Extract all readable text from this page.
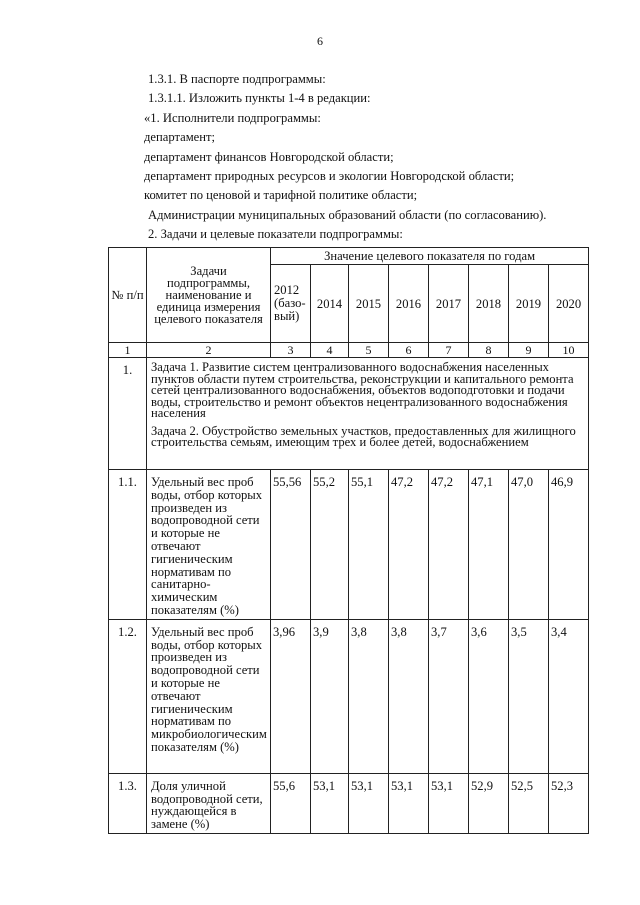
6
1.3.1. В паспорте подпрограммы:
1.3.1.1. Изложить пункты 1-4 в редакции:
«1. Исполнители подпрограммы:
департамент;
департамент финансов Новгородской области;
департамент природных ресурсов и экологии Новгородской области;
комитет по ценовой и тарифной политике области;
Администрации муниципальных образований области (по согласованию).
2. Задачи и целевые показатели подпрограммы:
№ п/п	Задачи подпрограммы, наименование и единица измерения целевого показателя	Значение целевого показателя по годам							
		2012 (базо-вый)	2014	2015	2016	2017	2018	2019	2020
1	2	3	4	5	6	7	8	9	10
1.	Задача 1. Развитие систем централизованного водоснабжения населенных пунктов области путем строительства, реконструкции и капитального ремонта сетей централизованного водоснабжения, объектов водоподготовки и подачи воды, строительство и ремонт объектов нецентрализованного водоснабжения населения

Задача 2. Обустройство земельных участков, предоставленных для жилищного строительства семьям, имеющим трех и более детей, водоснабжением								

1.1.	Удельный вес проб воды, отбор которых произведен из водопроводной сети и которые не отвечают гигиеническим нормативам по санитарно-химическим показателям (%)	55,56	55,2	55,1	47,2	47,2	47,1	47,0	46,9
1.2.	Удельный вес проб воды, отбор которых произведен из водопроводной сети и которые не отвечают гигиеническим нормативам по микробиологическим показателям (%)	3,96	3,9	3,8	3,8	3,7	3,6	3,5	3,4
1.3.	Доля уличной водопроводной сети, нуждающейся в замене (%)	55,6	53,1	53,1	53,1	53,1	52,9	52,5	52,3
